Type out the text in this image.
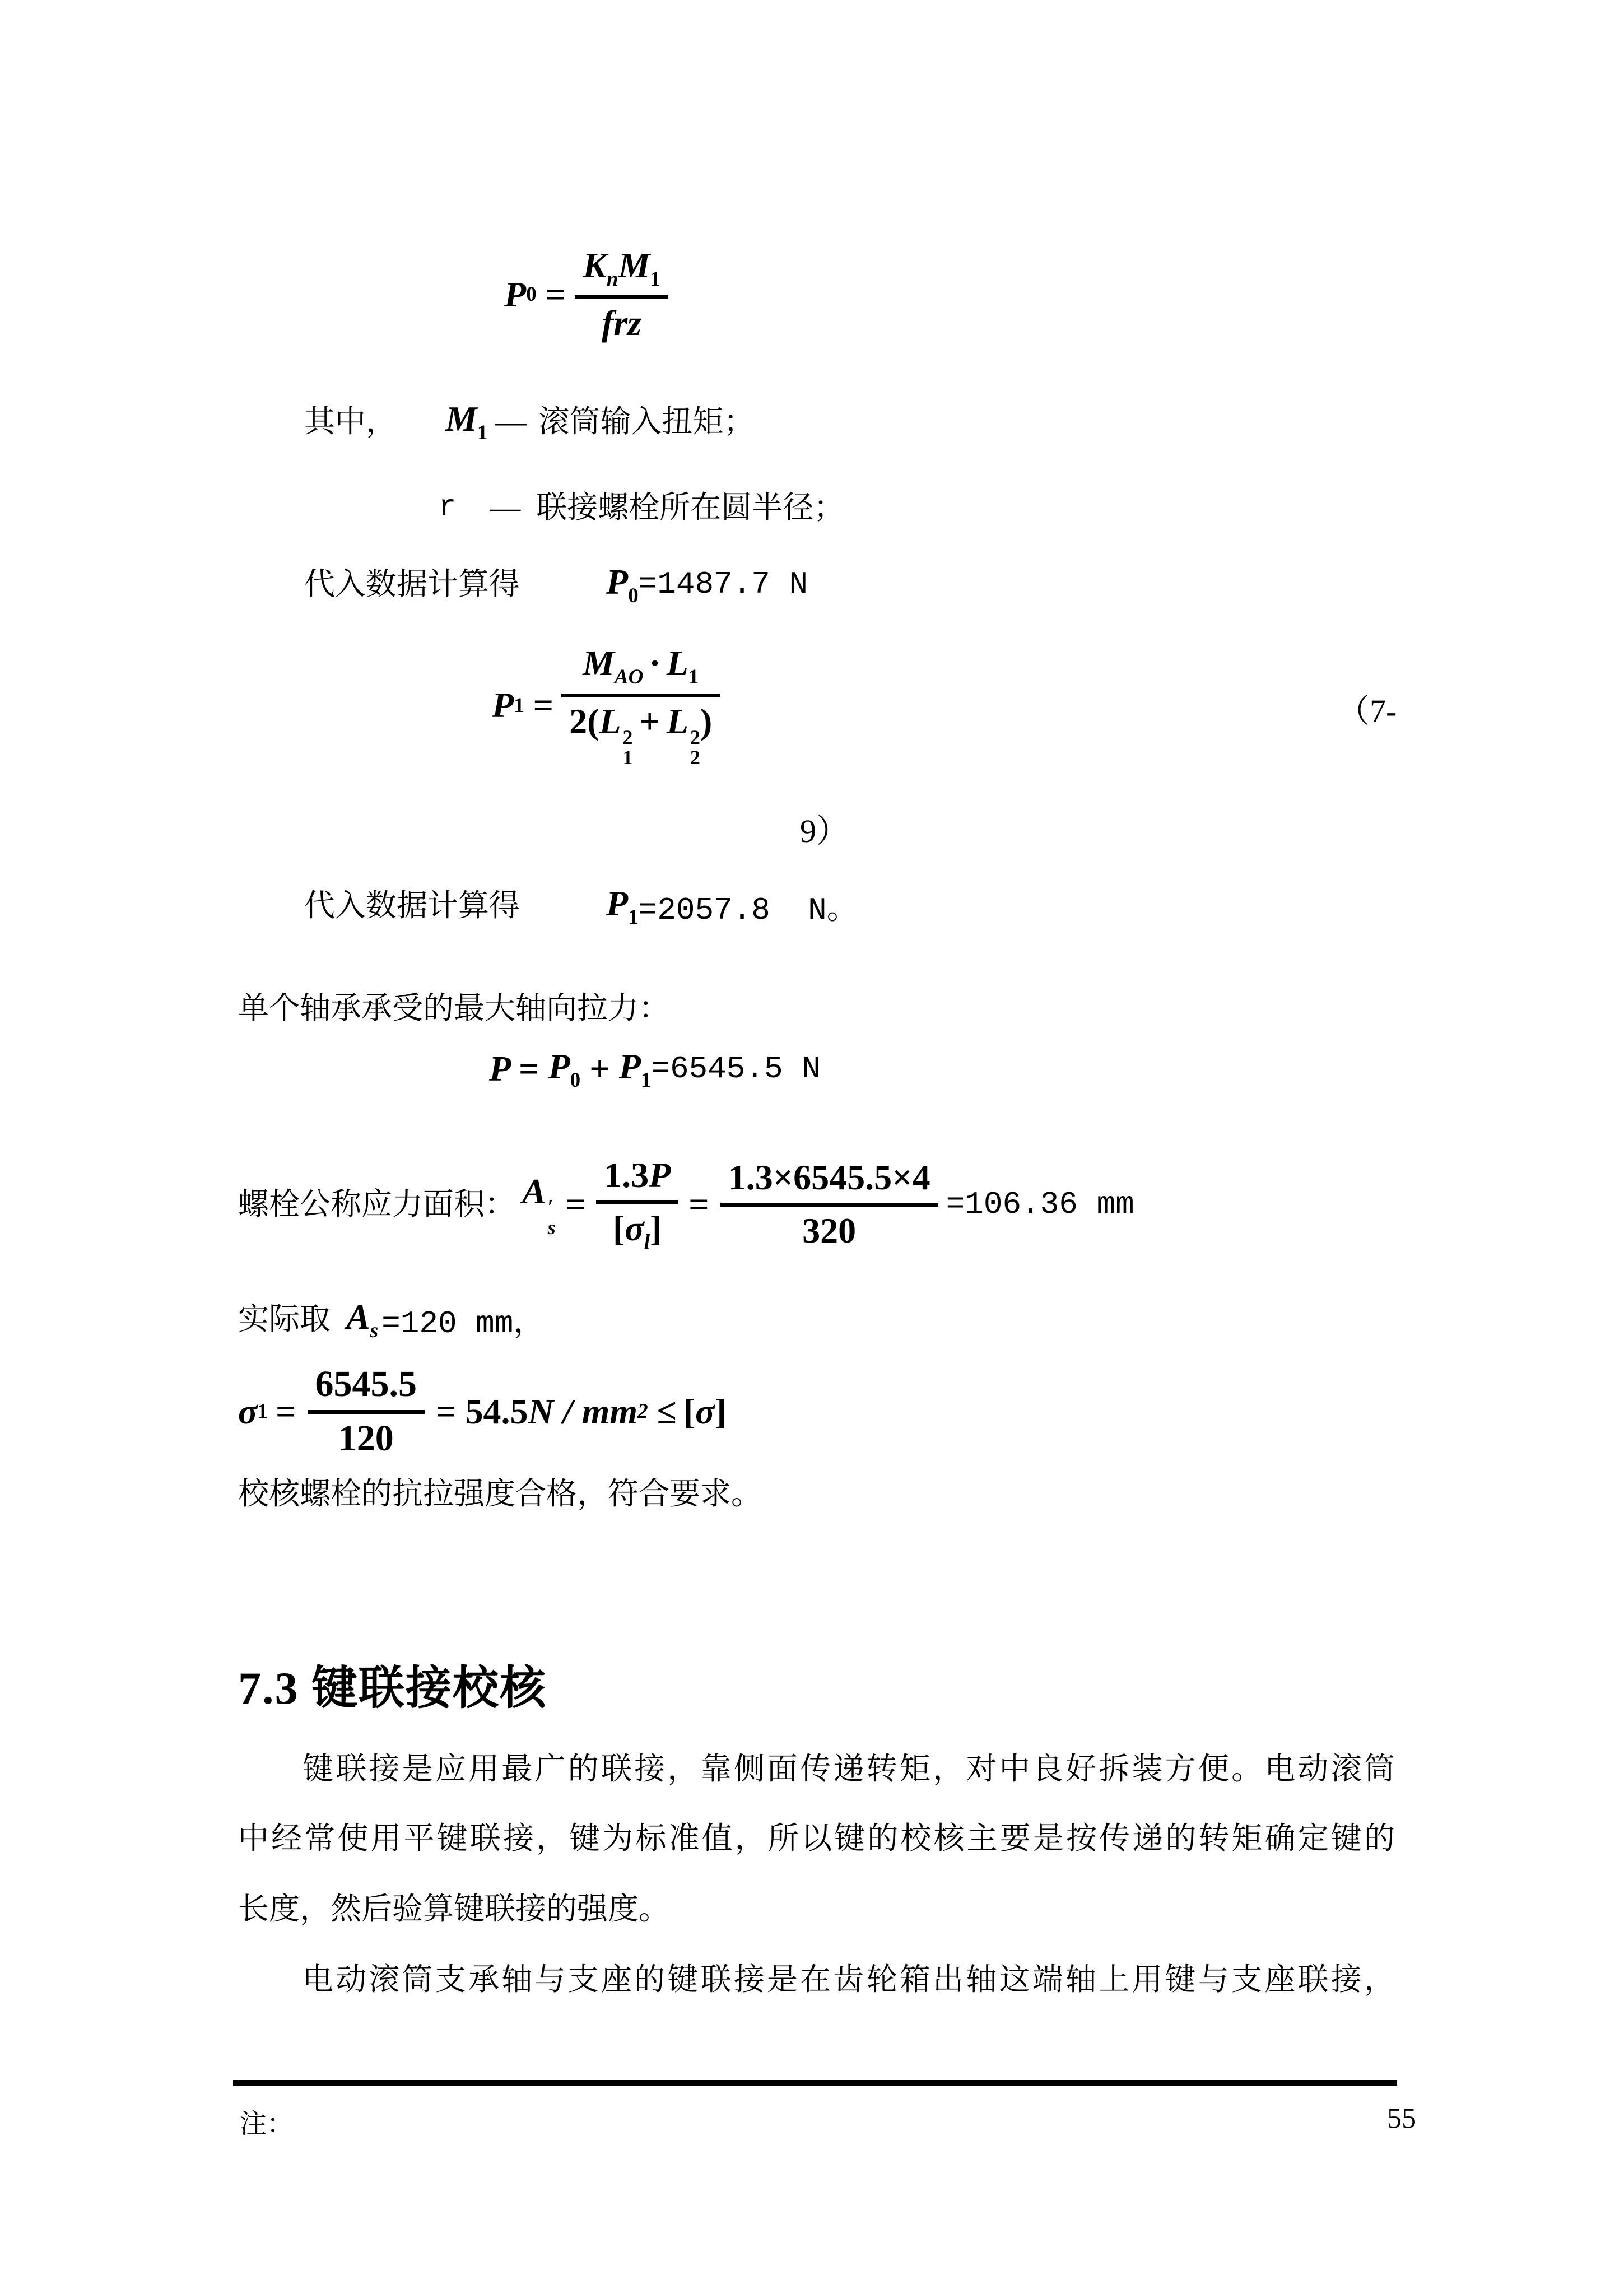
P $0 = \frac{K_nM_1}{\text{frz}}$
其中， $M_1$ — 滚筒输入扭矩；
r — 联接螺栓所在圆半径；
代入数据计算得 $P_0 =1487.7$ N
P $1 = M_{AO} \cdot L_1$
2(L 2
1
+ L 2
2
)	（7-
9）
代入数据计算得 $P_1 =2057.8$  N。
单个轴承承受的最大轴向拉力：
$P = P_0 + P_1 =6545.5$ N
螺栓公称应力面积： A ′
s
= $\frac{1.3P}{[\sigma_l]} = \frac{1.3\times 6545.5\times 4}{320} =106.36$ mm
实际取 $A_s =120$ mm，
σ $1 = \frac{6545.5}{120} = 54.5$ N / mm 2 ≤ [σ]
校核螺栓的抗拉强度合格，符合要求。
7.3 键联接校核
键联接是应用最广的联接，靠侧面传递转矩，对中良好拆装方便。电动滚筒
中经常使用平键联接，键为标准值，所以键的校核主要是按传递的转矩确定键的
长度，然后验算键联接的强度。
电动滚筒支承轴与支座的键联接是在齿轮箱出轴这端轴上用键与支座联接，
注：	55
